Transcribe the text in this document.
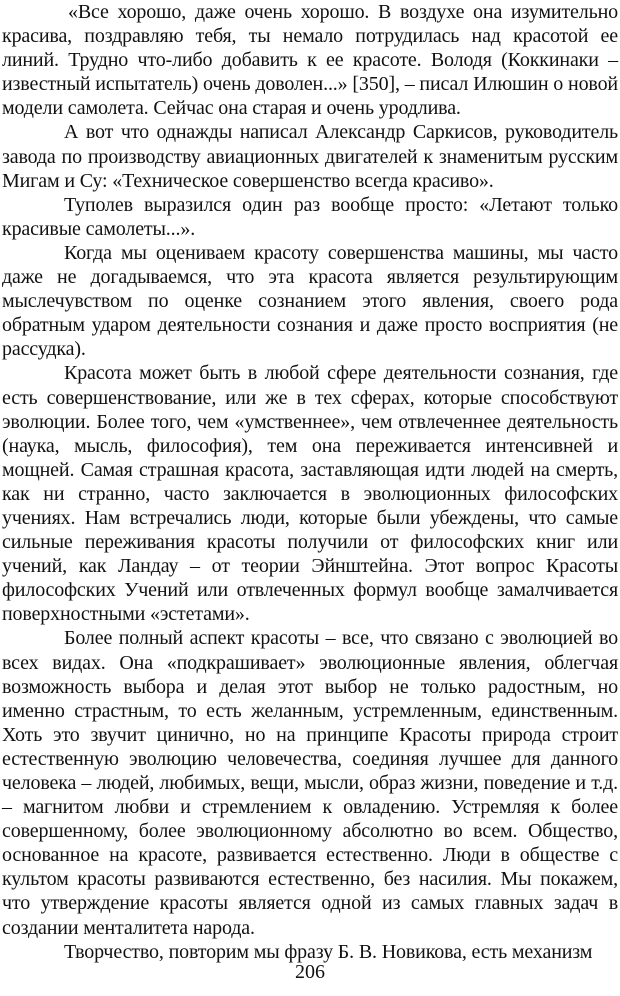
«Все хорошо, даже очень хорошо. В воздухе она изумительно красива, поздравляю тебя, ты немало потрудилась над красотой ее линий. Трудно что-либо добавить к ее красоте. Володя (Коккинаки – известный испытатель) очень доволен...» [350], – писал Илюшин о новой модели самолета. Сейчас она старая и очень уродлива.

А вот что однажды написал Александр Саркисов, руководитель завода по производству авиационных двигателей к знаменитым русским Мигам и Су: «Техническое совершенство всегда красиво».

Туполев выразился один раз вообще просто: «Летают только красивые самолеты...».

Когда мы оцениваем красоту совершенства машины, мы часто даже не догадываемся, что эта красота является результирующим мыслечувством по оценке сознанием этого явления, своего рода обратным ударом деятельности сознания и даже просто восприятия (не рассудка).

Красота может быть в любой сфере деятельности сознания, где есть совершенствование, или же в тех сферах, которые способствуют эволюции. Более того, чем «умственнее», чем отвлеченнее деятельность (наука, мысль, философия), тем она переживается интенсивней и мощней. Самая страшная красота, заставляющая идти людей на смерть, как ни странно, часто заключается в эволюционных философских учениях. Нам встречались люди, которые были убеждены, что самые сильные переживания красоты получили от философских книг или учений, как Ландау – от теории Эйнштейна. Этот вопрос Красоты философских Учений или отвлеченных формул вообще замалчивается поверхностными «эстетами».

Более полный аспект красоты – все, что связано с эволюцией во всех видах. Она «подкрашивает» эволюционные явления, облегчая возможность выбора и делая этот выбор не только радостным, но именно страстным, то есть желанным, устремленным, единственным. Хоть это звучит цинично, но на принципе Красоты природа строит естественную эволюцию человечества, соединяя лучшее для данного человека – людей, любимых, вещи, мысли, образ жизни, поведение и т.д. – магнитом любви и стремлением к овладению. Устремляя к более совершенному, более эволюционному абсолютно во всем. Общество, основанное на красоте, развивается естественно. Люди в обществе с культом красоты развиваются естественно, без насилия. Мы покажем, что утверждение красоты является одной из самых главных задач в создании менталитета народа.

Творчество, повторим мы фразу Б. В. Новикова, есть механизм

206
